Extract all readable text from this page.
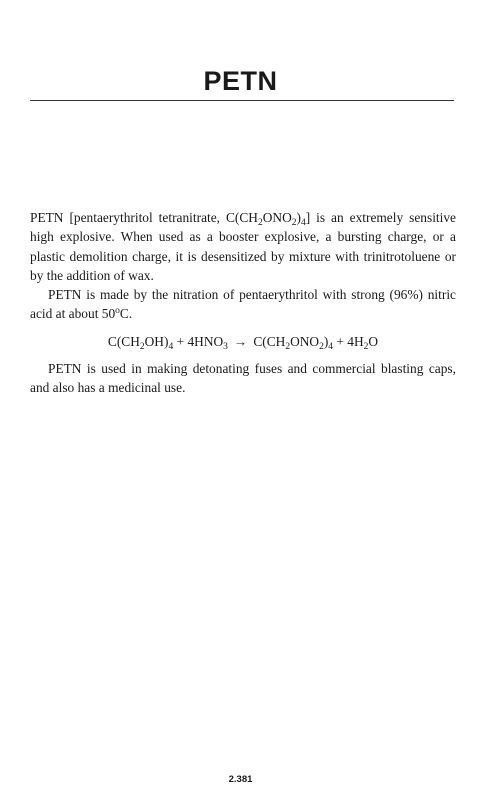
PETN

PETN [pentaerythritol tetranitrate, $C(CH_2ONO_2)_4$] is an extremely sensitive high explosive. When used as a booster explosive, a bursting charge, or a plastic demolition charge, it is desensitized by mixture with trinitrotoluene or by the addition of wax.

PETN is made by the nitration of pentaerythritol with strong (96%) nitric acid at about 50$^o$C.

$C(CH_2OH)_4 + 4HNO_3 \to C(CH_2ONO_2)_4 + 4H_2O$

PETN is used in making detonating fuses and commercial blasting caps, and also has a medicinal use.

2.381
